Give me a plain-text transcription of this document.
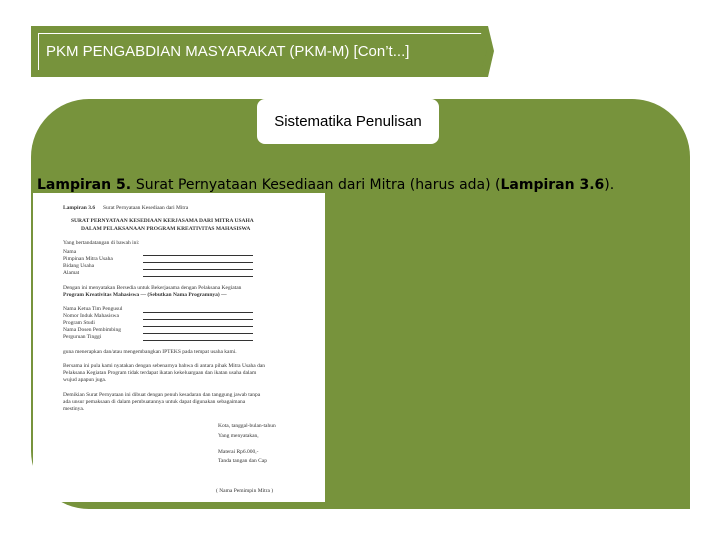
PKM PENGABDIAN MASYARAKAT (PKM-M) [Con’t...]
Sistematika Penulisan
Lampiran 5. Surat Pernyataan Kesediaan dari Mitra (harus ada) (Lampiran 3.6).
Lampiran 3.6 Surat Pernyataan Kesediaan dari Mitra
SURAT PERNYATAAN KESEDIAAN KERJASAMA DARI MITRA USAHA
DALAM PELAKSANAAN PROGRAM KREATIVITAS MAHASISWA
Yang bertandatangan di bawah ini:
Nama
Pimpinan Mitra Usaha
Bidang Usaha
Alamat
Dengan ini menyatakan Bersedia untuk Bekerjasama dengan Pelaksana Kegiatan
Program Kreativitas Mahasiswa — (Sebutkan Nama Programnya) —
Nama Ketua Tim Pengusul
Nomor Induk Mahasiswa
Program Studi
Nama Dosen Pembimbing
Perguruan Tinggi
guna menerapkan dan/atau mengembangkan IPTEKS pada tempat usaha kami.
Bersama ini pula kami nyatakan dengan sebenarnya bahwa di antara pihak Mitra Usaha dan
Pelaksana Kegiatan Program tidak terdapat ikatan kekeluargaan dan ikatan usaha dalam
wujud apapun juga.
Demikian Surat Pernyataan ini dibuat dengan penuh kesadaran dan tanggung jawab tanpa
ada unsur pemaksaan di dalam pembuatannya untuk dapat digunakan sebagaimana
mestinya.
Kota, tanggal-bulan-tahun
Yang menyatakan,
Materai Rp6.000,-
Tanda tangan dan Cap
( Nama Pemimpin Mitra )
